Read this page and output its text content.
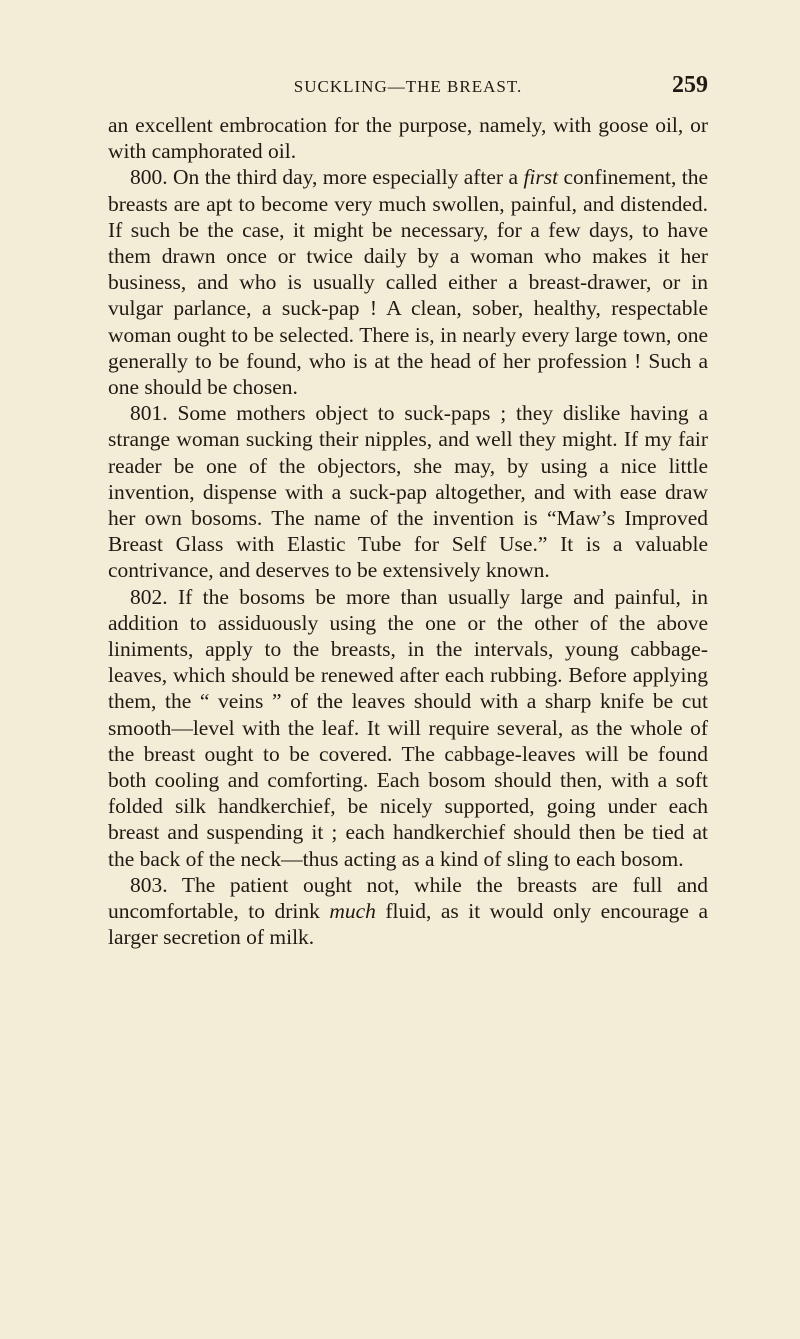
SUCKLING—THE BREAST.	259

an excellent embrocation for the purpose, namely, with goose oil, or with camphorated oil.

800. On the third day, more especially after a first confinement, the breasts are apt to become very much swollen, painful, and distended. If such be the case, it might be necessary, for a few days, to have them drawn once or twice daily by a woman who makes it her business, and who is usually called either a breast-drawer, or in vulgar parlance, a suck-pap ! A clean, sober, healthy, respectable woman ought to be selected. There is, in nearly every large town, one generally to be found, who is at the head of her profession ! Such a one should be chosen.

801. Some mothers object to suck-paps ; they dislike having a strange woman sucking their nipples, and well they might. If my fair reader be one of the objectors, she may, by using a nice little invention, dispense with a suck-pap altogether, and with ease draw her own bosoms. The name of the invention is “Maw’s Improved Breast Glass with Elastic Tube for Self Use.” It is a valuable contrivance, and deserves to be extensively known.

802. If the bosoms be more than usually large and painful, in addition to assiduously using the one or the other of the above liniments, apply to the breasts, in the intervals, young cabbage-leaves, which should be renewed after each rubbing. Before applying them, the “ veins ” of the leaves should with a sharp knife be cut smooth—level with the leaf. It will require several, as the whole of the breast ought to be covered. The cabbage-leaves will be found both cooling and comforting. Each bosom should then, with a soft folded silk handkerchief, be nicely supported, going under each breast and suspending it ; each handkerchief should then be tied at the back of the neck—thus acting as a kind of sling to each bosom.

803. The patient ought not, while the breasts are full and uncomfortable, to drink much fluid, as it would only encourage a larger secretion of milk.
